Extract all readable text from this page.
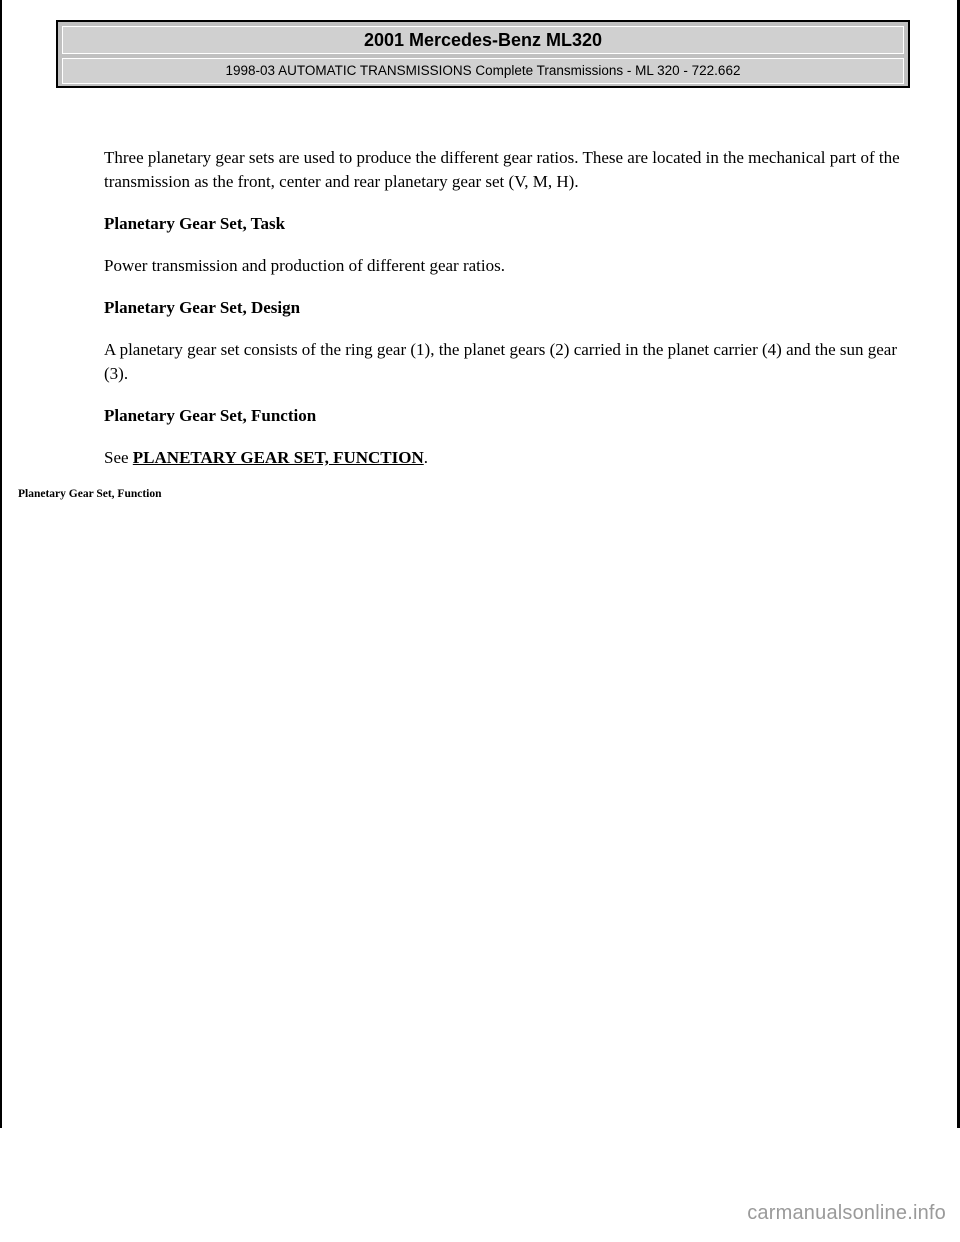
2001 Mercedes-Benz ML320
1998-03 AUTOMATIC TRANSMISSIONS Complete Transmissions - ML 320 - 722.662

Three planetary gear sets are used to produce the different gear ratios. These are located in the mechanical part of the transmission as the front, center and rear planetary gear set (V, M, H).

Planetary Gear Set, Task

Power transmission and production of different gear ratios.

Planetary Gear Set, Design

A planetary gear set consists of the ring gear (1), the planet gears (2) carried in the planet carrier (4) and the sun gear (3).

Planetary Gear Set, Function

See PLANETARY GEAR SET, FUNCTION.

Planetary Gear Set, Function
carmanualsonline.info
